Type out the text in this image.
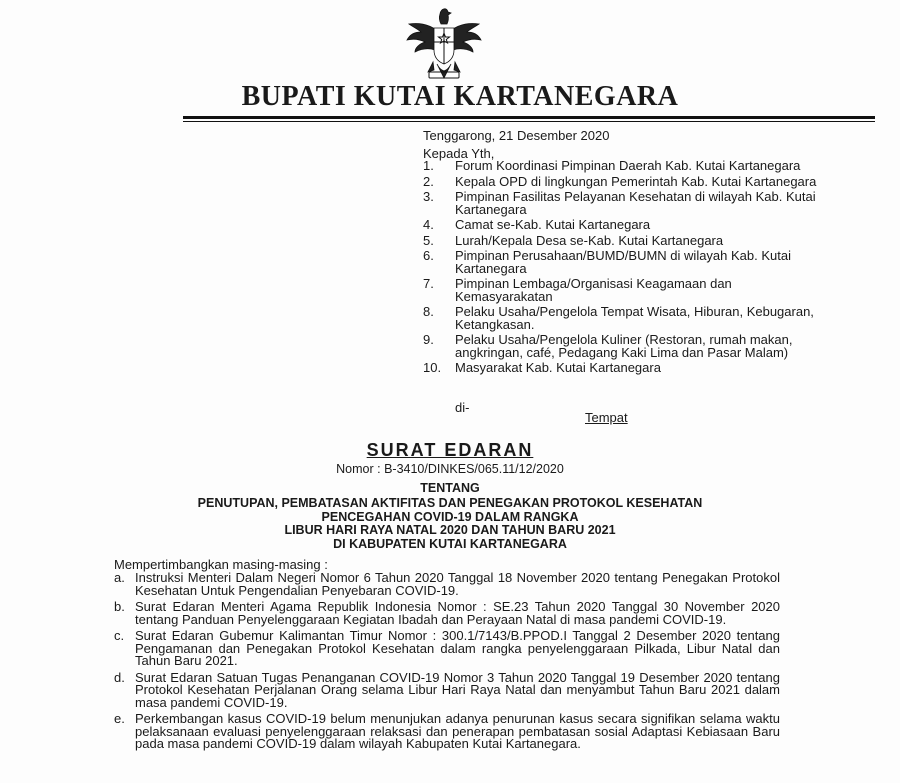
BUPATI KUTAI KARTANEGARA
Tenggarong, 21 Desember 2020
Kepada Yth,
1.	Forum Koordinasi Pimpinan Daerah Kab. Kutai Kartanegara
2.	Kepala OPD di lingkungan Pemerintah Kab. Kutai Kartanegara
3.	Pimpinan Fasilitas Pelayanan Kesehatan di wilayah Kab. Kutai Kartanegara
4.	Camat se-Kab. Kutai Kartanegara
5.	Lurah/Kepala Desa se-Kab. Kutai Kartanegara
6.	Pimpinan Perusahaan/BUMD/BUMN di wilayah Kab. Kutai Kartanegara
7.	Pimpinan Lembaga/Organisasi Keagamaan dan Kemasyarakatan
8.	Pelaku Usaha/Pengelola Tempat Wisata, Hiburan, Kebugaran, Ketangkasan.
9.	Pelaku Usaha/Pengelola Kuliner (Restoran, rumah makan, angkringan, café, Pedagang Kaki Lima dan Pasar Malam)
10.	Masyarakat Kab. Kutai Kartanegara
di-
Tempat
SURAT EDARAN
Nomor : B-3410/DINKES/065.11/12/2020
TENTANG
PENUTUPAN, PEMBATASAN AKTIFITAS DAN PENEGAKAN PROTOKOL KESEHATAN
PENCEGAHAN COVID-19 DALAM RANGKA
LIBUR HARI RAYA NATAL 2020 DAN TAHUN BARU 2021
DI KABUPATEN KUTAI KARTANEGARA
Mempertimbangkan masing-masing :
a. Instruksi Menteri Dalam Negeri Nomor 6 Tahun 2020 Tanggal 18 November 2020 tentang Penegakan Protokol Kesehatan Untuk Pengendalian Penyebaran COVID-19.
b. Surat Edaran Menteri Agama Republik Indonesia Nomor : SE.23 Tahun 2020 Tanggal 30 November 2020 tentang Panduan Penyelenggaraan Kegiatan Ibadah dan Perayaan Natal di masa pandemi COVID-19.
c. Surat Edaran Gubemur Kalimantan Timur Nomor : 300.1/7143/B.PPOD.I Tanggal 2 Desember 2020 tentang Pengamanan dan Penegakan Protokol Kesehatan dalam rangka penyelenggaraan Pilkada, Libur Natal dan Tahun Baru 2021.
d. Surat Edaran Satuan Tugas Penanganan COVID-19 Nomor 3 Tahun 2020 Tanggal 19 Desember 2020 tentang Protokol Kesehatan Perjalanan Orang selama Libur Hari Raya Natal dan menyambut Tahun Baru 2021 dalam masa pandemi COVID-19.
e. Perkembangan kasus COVID-19 belum menunjukan adanya penurunan kasus secara signifikan selama waktu pelaksanaan evaluasi penyelenggaraan relaksasi dan penerapan pembatasan sosial Adaptasi Kebiasaan Baru pada masa pandemi COVID-19 dalam wilayah Kabupaten Kutai Kartanegara.
